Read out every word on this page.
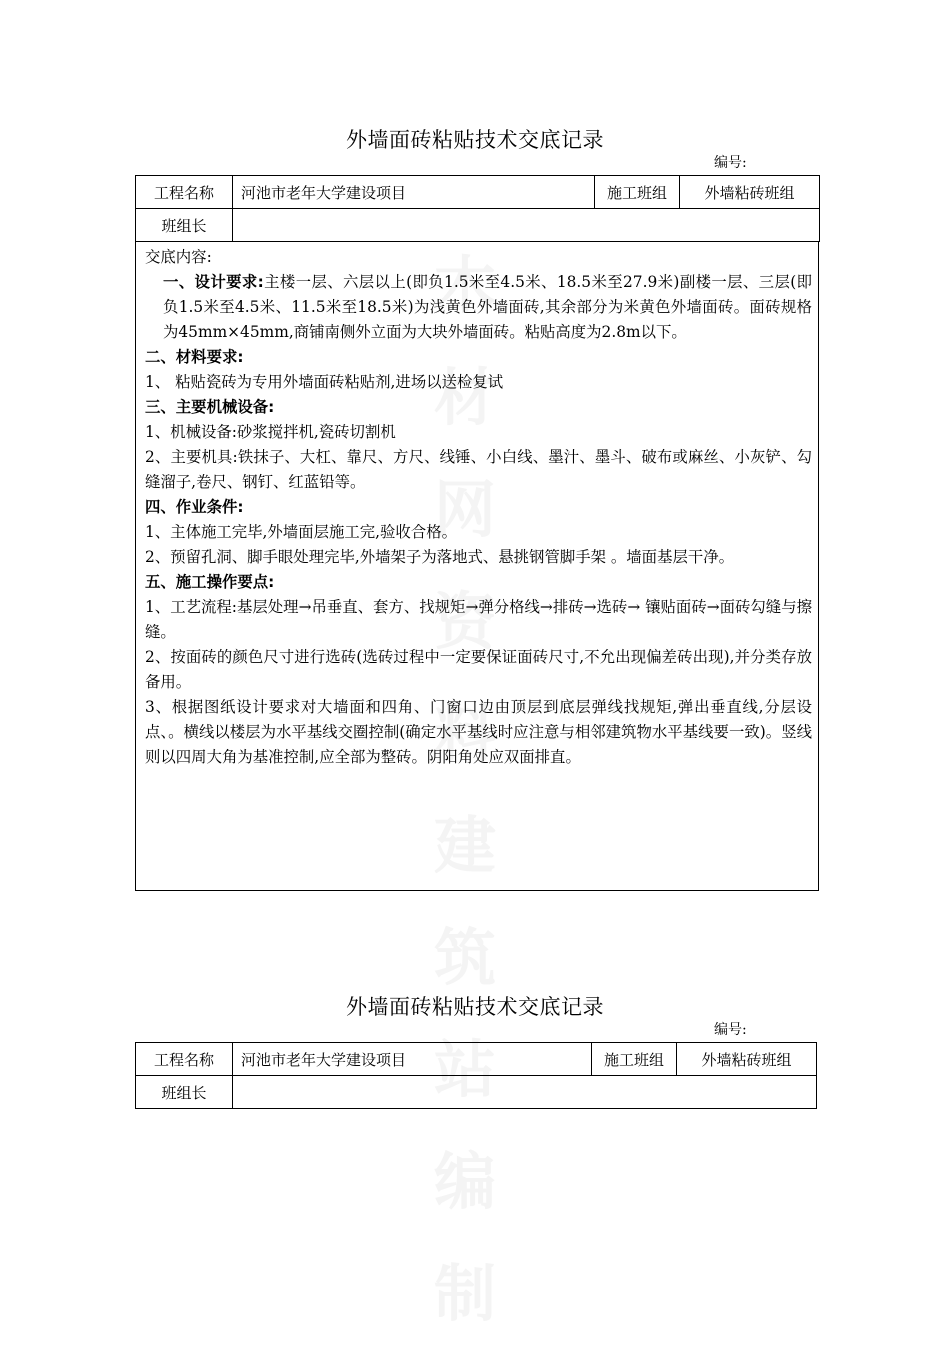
木
材
网
资
料
建
筑
站
编
制
外墙面砖粘贴技术交底记录
编号:
工程名称	河池市老年大学建设项目	施工班组	外墙粘砖班组
班组长			

交底内容:

一、设计要求:主楼一层、六层以上(即负1.5米至4.5米、18.5米至27.9米)副楼一层、三层(即负1.5米至4.5米、11.5米至18.5米)为浅黄色外墙面砖,其余部分为米黄色外墙面砖。面砖规格为45mm×45mm,商铺南侧外立面为大块外墙面砖。粘贴高度为2.8m以下。

二、材料要求:

1、 粘贴瓷砖为专用外墙面砖粘贴剂,进场以送检复试

三、主要机械设备:

1、机械设备:砂浆搅拌机,瓷砖切割机

2、主要机具:铁抹子、大杠、靠尺、方尺、线锤、小白线、墨汁、墨斗、破布或麻丝、小灰铲、勾缝溜子,卷尺、钢钉、红蓝铅等。

四、作业条件:

1、主体施工完毕,外墙面层施工完,验收合格。

2、预留孔洞、脚手眼处理完毕,外墙架子为落地式、悬挑钢管脚手架 。墙面基层干净。

五、施工操作要点:

1、工艺流程:基层处理→吊垂直、套方、找规矩→弹分格线→排砖→选砖→ 镶贴面砖→面砖勾缝与擦缝。

2、按面砖的颜色尺寸进行选砖(选砖过程中一定要保证面砖尺寸,不允出现偏差砖出现),并分类存放备用。

3、根据图纸设计要求对大墙面和四角、门窗口边由顶层到底层弹线找规矩,弹出垂直线,分层设点、。横线以楼层为水平基线交圈控制(确定水平基线时应注意与相邻建筑物水平基线要一致)。竖线则以四周大角为基准控制,应全部为整砖。阴阳角处应双面排直。

外墙面砖粘贴技术交底记录
编号:
工程名称	河池市老年大学建设项目	施工班组	外墙粘砖班组
班组长			
